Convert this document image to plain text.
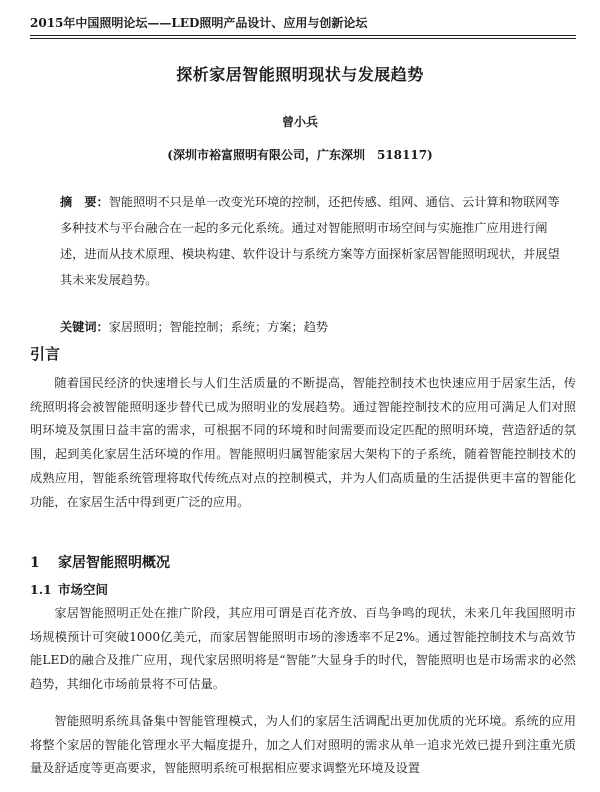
2015年中国照明论坛——LED照明产品设计、应用与创新论坛
探析家居智能照明现状与发展趋势
曾小兵
(深圳市裕富照明有限公司，广东深圳　518117)
摘　要：智能照明不只是单一改变光环境的控制，还把传感、组网、通信、云计算和物联网等多种技术与平台融合在一起的多元化系统。通过对智能照明市场空间与实施推广应用进行阐述，进而从技术原理、模块构建、软件设计与系统方案等方面探析家居智能照明现状，并展望其未来发展趋势。
关键词：家居照明；智能控制；系统；方案；趋势
引言
随着国民经济的快速增长与人们生活质量的不断提高，智能控制技术也快速应用于居家生活，传统照明将会被智能照明逐步替代已成为照明业的发展趋势。通过智能控制技术的应用可满足人们对照明环境及氛围日益丰富的需求，可根据不同的环境和时间需要而设定匹配的照明环境，营造舒适的氛围，起到美化家居生活环境的作用。智能照明归属智能家居大架构下的子系统，随着智能控制技术的成熟应用，智能系统管理将取代传统点对点的控制模式，并为人们高质量的生活提供更丰富的智能化功能，在家居生活中得到更广泛的应用。
1 家居智能照明概况
1.1 市场空间
家居智能照明正处在推广阶段，其应用可谓是百花齐放、百鸟争鸣的现状，未来几年我国照明市场规模预计可突破1000亿美元，而家居智能照明市场的渗透率不足2%。通过智能控制技术与高效节能LED的融合及推广应用，现代家居照明将是“智能”大显身手的时代，智能照明也是市场需求的必然趋势，其细化市场前景将不可估量。
智能照明系统具备集中智能管理模式，为人们的家居生活调配出更加优质的光环境。系统的应用将整个家居的智能化管理水平大幅度提升，加之人们对照明的需求从单一追求光效已提升到注重光质量及舒适度等更高要求，智能照明系统可根据相应要求调整光环境及设置
